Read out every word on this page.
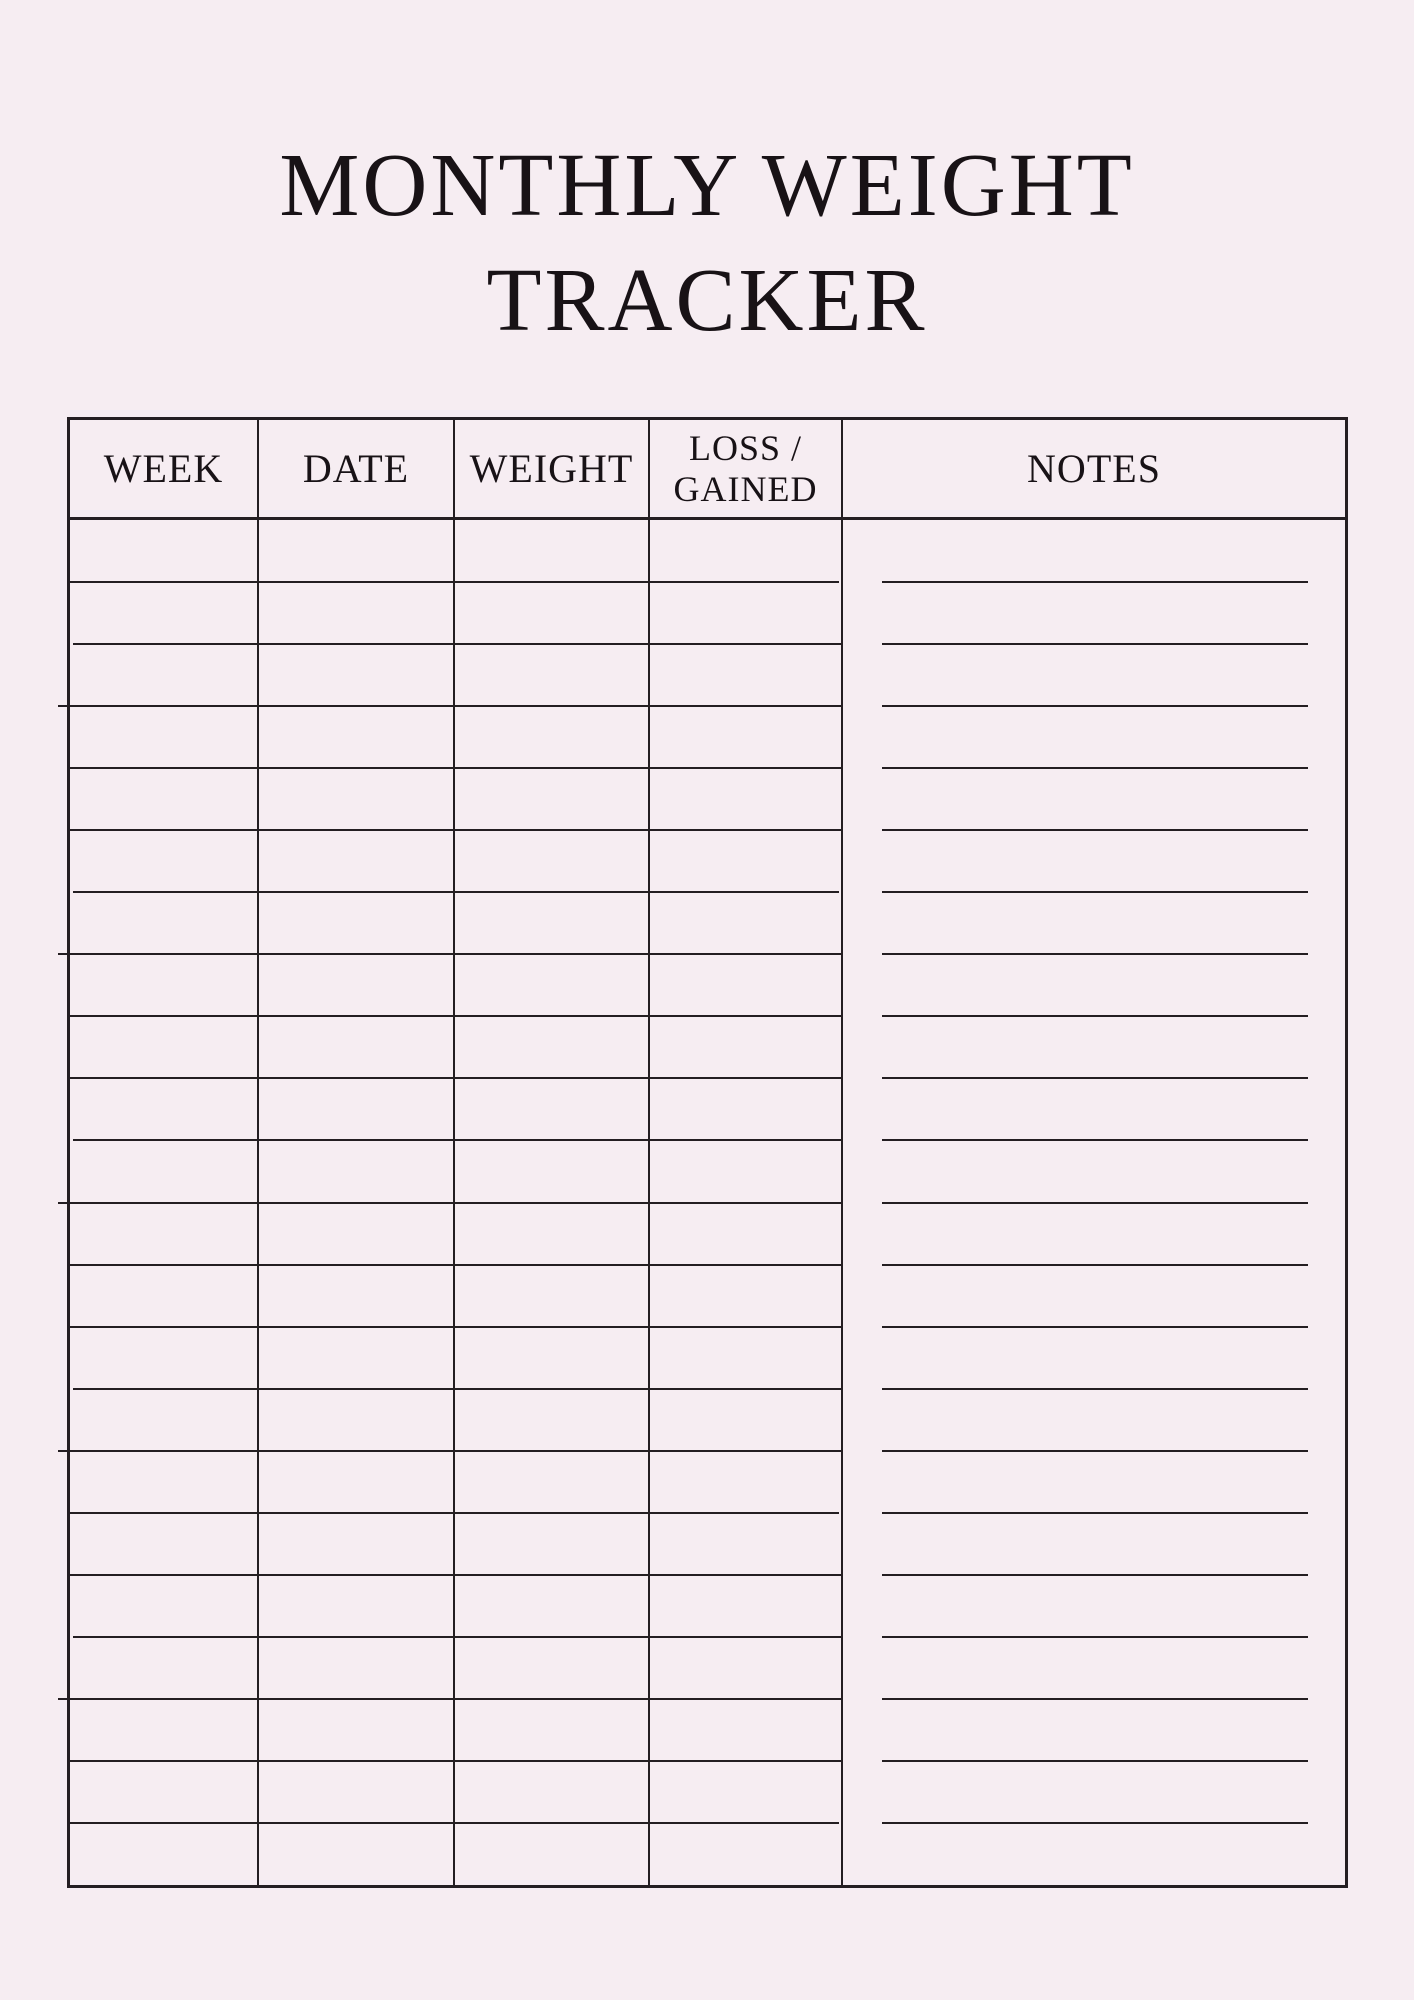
MONTHLY WEIGHT
TRACKER
WEEK	DATE	WEIGHT	LOSS / GAINED	NOTES
